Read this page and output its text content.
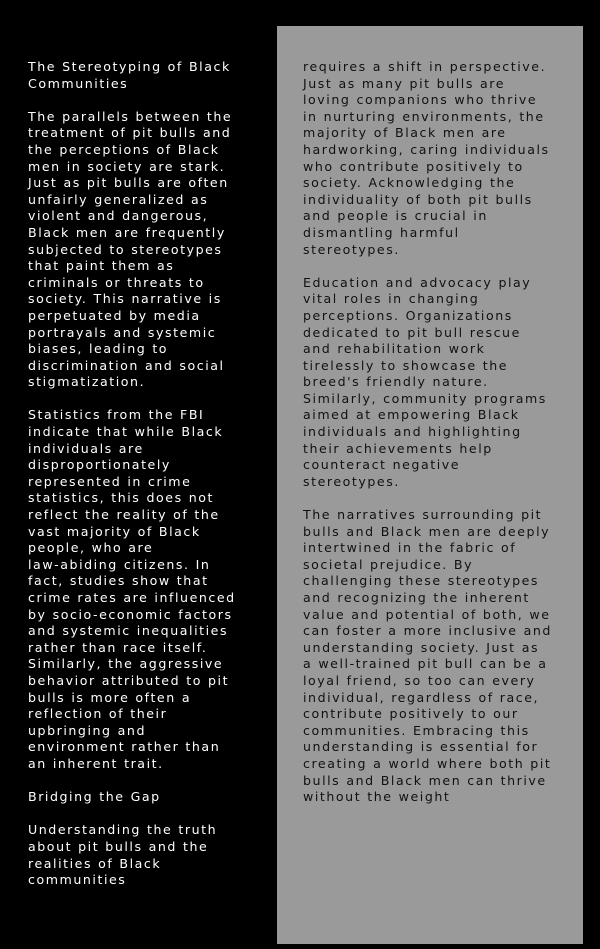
The Stereotyping of Black
Communities

The parallels between the
treatment of pit bulls and
the perceptions of Black
men in society are stark.
Just as pit bulls are often
unfairly generalized as
violent and dangerous,
Black men are frequently
subjected to stereotypes
that paint them as
criminals or threats to
society. This narrative is
perpetuated by media
portrayals and systemic
biases, leading to
discrimination and social
stigmatization.

Statistics from the FBI
indicate that while Black
individuals are
disproportionately
represented in crime
statistics, this does not
reflect the reality of the
vast majority of Black
people, who are
law-abiding citizens. In
fact, studies show that
crime rates are influenced
by socio-economic factors
and systemic inequalities
rather than race itself.
Similarly, the aggressive
behavior attributed to pit
bulls is more often a
reflection of their
upbringing and
environment rather than
an inherent trait.

Bridging the Gap

Understanding the truth
about pit bulls and the
realities of Black
communities

requires a shift in perspective.
Just as many pit bulls are
loving companions who thrive
in nurturing environments, the
majority of Black men are
hardworking, caring individuals
who contribute positively to
society. Acknowledging the
individuality of both pit bulls
and people is crucial in
dismantling harmful
stereotypes.

Education and advocacy play
vital roles in changing
perceptions. Organizations
dedicated to pit bull rescue
and rehabilitation work
tirelessly to showcase the
breed's friendly nature.
Similarly, community programs
aimed at empowering Black
individuals and highlighting
their achievements help
counteract negative
stereotypes.

The narratives surrounding pit
bulls and Black men are deeply
intertwined in the fabric of
societal prejudice. By
challenging these stereotypes
and recognizing the inherent
value and potential of both, we
can foster a more inclusive and
understanding society. Just as
a well-trained pit bull can be a
loyal friend, so too can every
individual, regardless of race,
contribute positively to our
communities. Embracing this
understanding is essential for
creating a world where both pit
bulls and Black men can thrive
without the weight
